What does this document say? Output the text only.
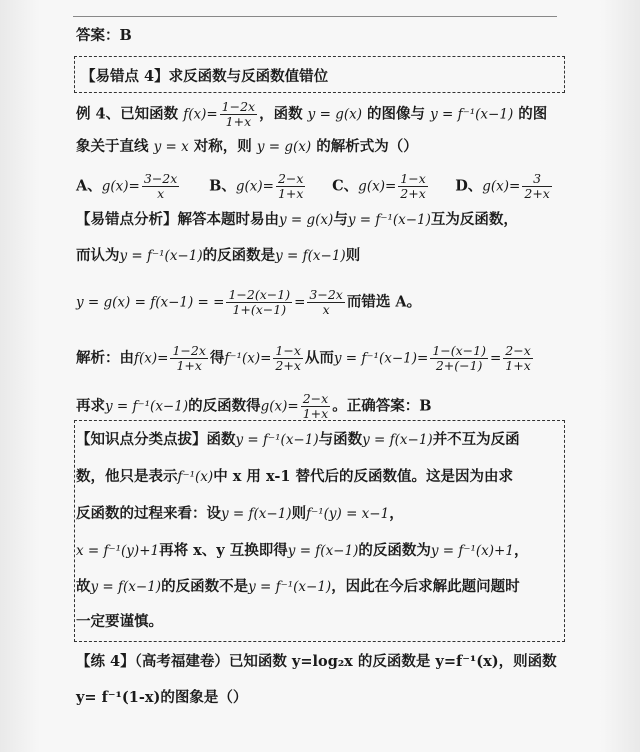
答案：B
【易错点 4】求反函数与反函数值错位
例 4、已知函数 $f(x)= \frac{1-2x}{1+x}$ ，函数 y = g(x) 的图像与 y = f⁻¹(x−1) 的图
象关于直线 y = x 对称，则 y = g(x) 的解析式为（）
A、$g(x)= \frac{3-2x}{x}$ B、$g(x)= \frac{2-x}{1+x}$ C、$g(x)= \frac{1-x}{2+x}$ D、$g(x)= \frac{3}{2+x}$
【易错点分析】解答本题时易由y = g(x)与y = f⁻¹(x−1)互为反函数，
而认为y = f⁻¹(x−1)的反函数是y = f(x−1)则
y = g(x) = f(x−1) = = $\frac{1-2(x-1)}{1+(x-1)} = \frac{3-2x}{x}$ 而错选 A。
解析：由$f(x)= \frac{1-2x}{1+x}$ 得$f^{-1}(x)= \frac{1-x}{2+x}$ 从而$y = f^{-1}(x-1)= \frac{1-(x-1)}{2+(-1)} = \frac{2-x}{1+x}$
再求y = f⁻¹(x−1)的反函数得$g(x)= \frac{2-x}{1+x}$ 。正确答案：B
【知识点分类点拔】函数y = f⁻¹(x−1)与函数y = f(x−1)并不互为反函
数，他只是表示f⁻¹(x)中 x 用 x-1 替代后的反函数值。这是因为由求
反函数的过程来看：设y = f(x−1)则f⁻¹(y) = x−1，
x = f⁻¹(y)+1再将 x、y 互换即得y = f(x−1)的反函数为y = f⁻¹(x)+1，
故y = f(x−1)的反函数不是y = f⁻¹(x−1)，因此在今后求解此题问题时
一定要谨慎。
【练 4】（高考福建卷）已知函数 y=log₂x 的反函数是 y=f⁻¹(x)，则函数
y= f⁻¹(1-x)的图象是（）
